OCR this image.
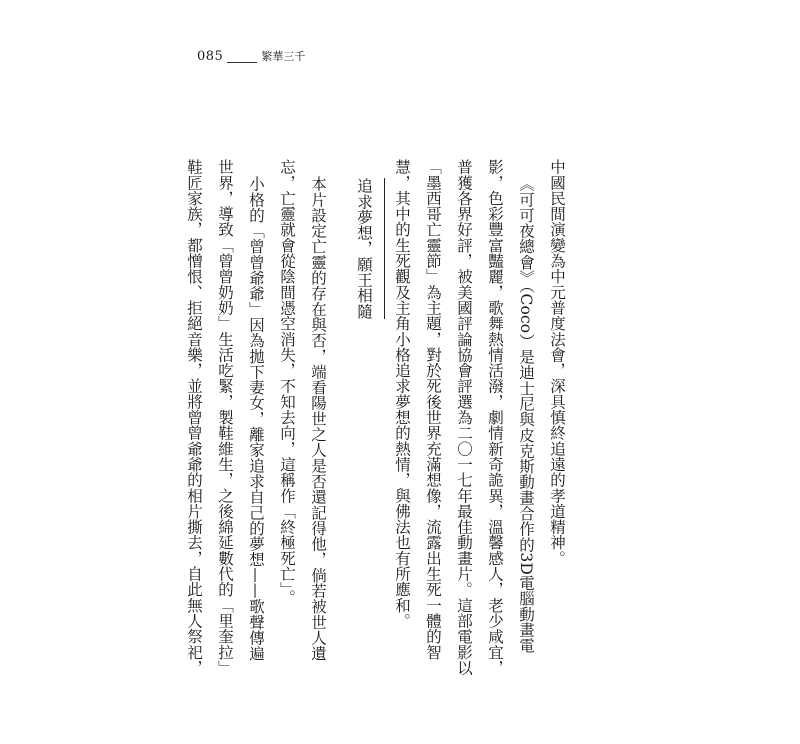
085	繁華三千
中國民間演變為中元普度法會，深具慎終追遠的孝道精神。
《可可夜總會》（Coco）是迪士尼與皮克斯動畫合作的3D電腦動畫電
影，色彩豐富豔麗，歌舞熱情活潑，劇情新奇詭異，溫馨感人，老少咸宜，
普獲各界好評，被美國評論協會評選為二〇一七年最佳動畫片。這部電影以
「墨西哥亡靈節」為主題，對於死後世界充滿想像，流露出生死一體的智
慧，其中的生死觀及主角小格追求夢想的熱情，與佛法也有所應和。
追求夢想，願王相隨
本片設定亡靈的存在與否，端看陽世之人是否還記得他，倘若被世人遺
忘，亡靈就會從陰間憑空消失，不知去向，這稱作「終極死亡」。
小格的「曾曾爺爺」因為拋下妻女，離家追求自己的夢想——歌聲傳遍
世界，導致「曾曾奶奶」生活吃緊，製鞋維生，之後綿延數代的「里奎拉」
鞋匠家族，都憎恨、拒絕音樂，並將曾曾爺爺的相片撕去，自此無人祭祀，
